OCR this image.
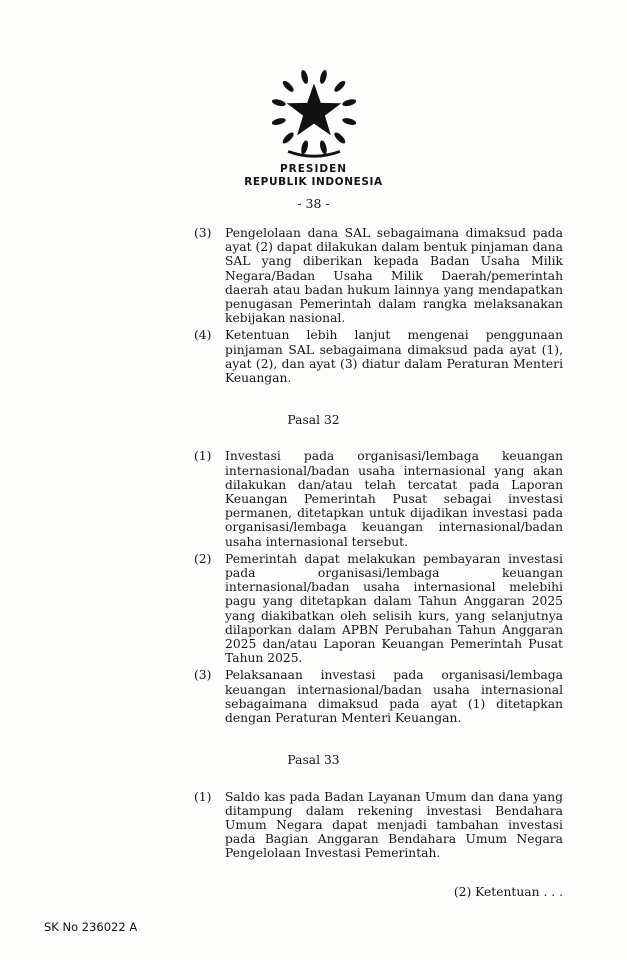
PRESIDEN
REPUBLIK INDONESIA
- 38 -
(3)	Pengelolaan dana SAL sebagaimana dimaksud pada ayat (2) dapat dilakukan dalam bentuk pinjaman dana SAL yang diberikan kepada Badan Usaha Milik Negara/Badan Usaha Milik Daerah/pemerintah daerah atau badan hukum lainnya yang mendapatkan penugasan Pemerintah dalam rangka melaksanakan kebijakan nasional.

(4)	Ketentuan lebih lanjut mengenai penggunaan pinjaman SAL sebagaimana dimaksud pada ayat (1), ayat (2), dan ayat (3) diatur dalam Peraturan Menteri Keuangan.

Pasal 32
(1)	Investasi pada organisasi/lembaga keuangan internasional/badan usaha internasional yang akan dilakukan dan/atau telah tercatat pada Laporan Keuangan Pemerintah Pusat sebagai investasi permanen, ditetapkan untuk dijadikan investasi pada organisasi/lembaga keuangan internasional/badan usaha internasional tersebut.

(2)	Pemerintah dapat melakukan pembayaran investasi pada organisasi/lembaga keuangan internasional/badan usaha internasional melebihi pagu yang ditetapkan dalam Tahun Anggaran 2025 yang diakibatkan oleh selisih kurs, yang selanjutnya dilaporkan dalam APBN Perubahan Tahun Anggaran 2025 dan/atau Laporan Keuangan Pemerintah Pusat Tahun 2025.

(3)	Pelaksanaan investasi pada organisasi/lembaga keuangan internasional/badan usaha internasional sebagaimana dimaksud pada ayat (1) ditetapkan dengan Peraturan Menteri Keuangan.

Pasal 33
(1)	Saldo kas pada Badan Layanan Umum dan dana yang ditampung dalam rekening investasi Bendahara Umum Negara dapat menjadi tambahan investasi pada Bagian Anggaran Bendahara Umum Negara Pengelolaan Investasi Pemerintah.

(2) Ketentuan . . .

SK No 236022 A
